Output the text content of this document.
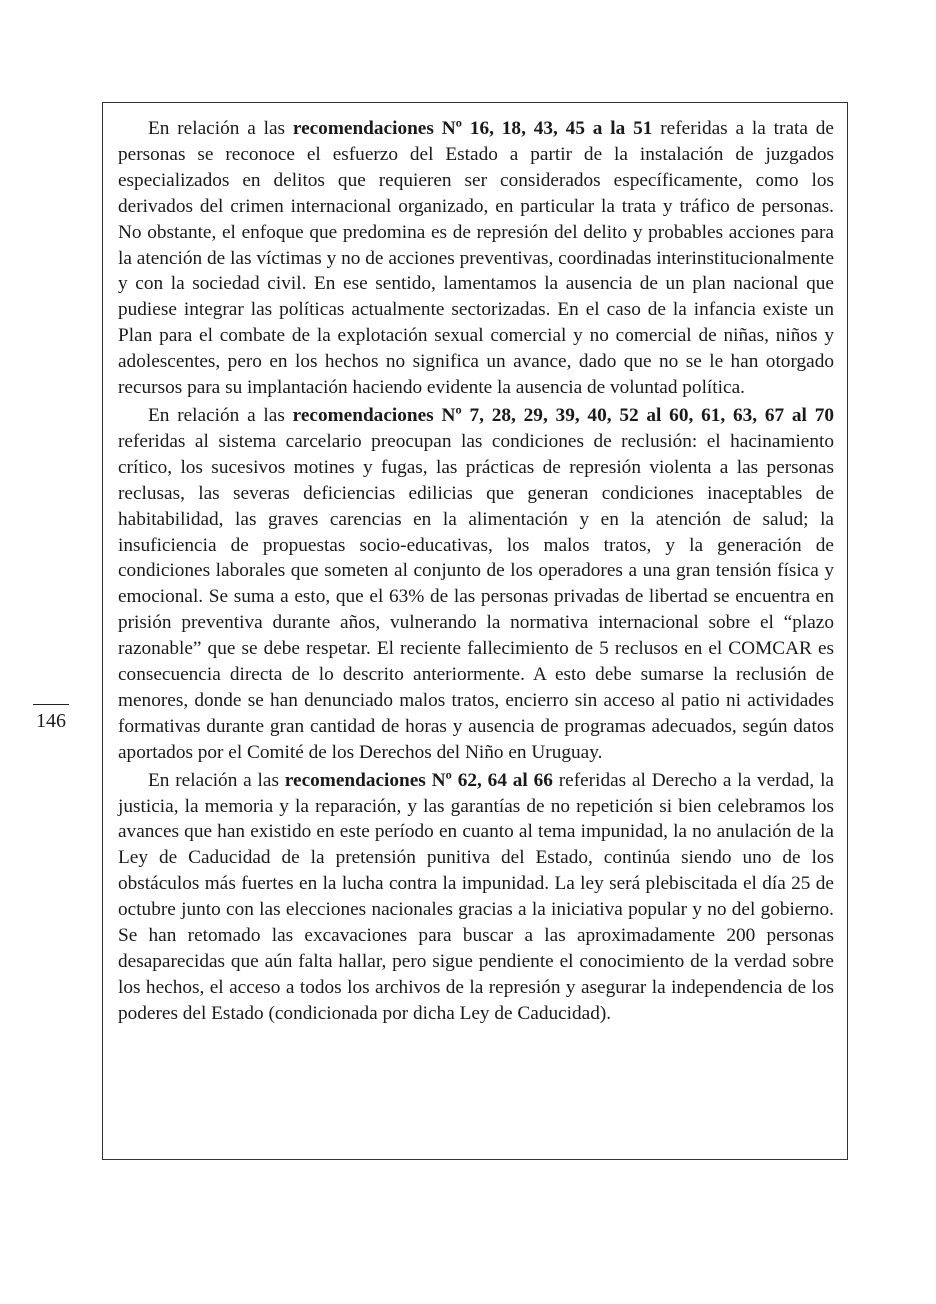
En relación a las recomendaciones Nº 16, 18, 43, 45 a la 51 referidas a la trata de personas se reconoce el esfuerzo del Estado a partir de la instalación de juzgados especializados en delitos que requieren ser considerados específicamente, como los derivados del crimen internacional organizado, en particular la trata y tráfico de personas. No obstante, el enfoque que predomina es de represión del delito y probables acciones para la atención de las víctimas y no de acciones preventivas, coordinadas interinstitucionalmente y con la sociedad civil. En ese sentido, lamentamos la ausencia de un plan nacional que pudiese integrar las políticas actualmente sectorizadas. En el caso de la infancia existe un Plan para el combate de la explotación sexual comercial y no comercial de niñas, niños y adolescentes, pero en los hechos no significa un avance, dado que no se le han otorgado recursos para su implantación haciendo evidente la ausencia de voluntad política.

En relación a las recomendaciones Nº 7, 28, 29, 39, 40, 52 al 60, 61, 63, 67 al 70 referidas al sistema carcelario preocupan las condiciones de reclusión: el hacinamiento crítico, los sucesivos motines y fugas, las prácticas de represión violenta a las personas reclusas, las severas deficiencias edilicias que generan condiciones inaceptables de habitabilidad, las graves carencias en la alimentación y en la atención de salud; la insuficiencia de propuestas socio-educativas, los malos tratos, y la generación de condiciones laborales que someten al conjunto de los operadores a una gran tensión física y emocional. Se suma a esto, que el 63% de las personas privadas de libertad se encuentra en prisión preventiva durante años, vulnerando la normativa internacional sobre el “plazo razonable” que se debe respetar. El reciente fallecimiento de 5 reclusos en el COMCAR es consecuencia directa de lo descrito anteriormente. A esto debe sumarse la reclusión de menores, donde se han denunciado malos tratos, encierro sin acceso al patio ni actividades formativas durante gran cantidad de horas y ausencia de programas adecuados, según datos aportados por el Comité de los Derechos del Niño en Uruguay.

En relación a las recomendaciones Nº 62, 64 al 66 referidas al Derecho a la verdad, la justicia, la memoria y la reparación, y las garantías de no repetición si bien celebramos los avances que han existido en este período en cuanto al tema impunidad, la no anulación de la Ley de Caducidad de la pretensión punitiva del Estado, continúa siendo uno de los obstáculos más fuertes en la lucha contra la impunidad. La ley será plebiscitada el día 25 de octubre junto con las elecciones nacionales gracias a la iniciativa popular y no del gobierno. Se han retomado las excavaciones para buscar a las aproximadamente 200 personas desaparecidas que aún falta hallar, pero sigue pendiente el conocimiento de la verdad sobre los hechos, el acceso a todos los archivos de la represión y asegurar la independencia de los poderes del Estado (condicionada por dicha Ley de Caducidad).

146
